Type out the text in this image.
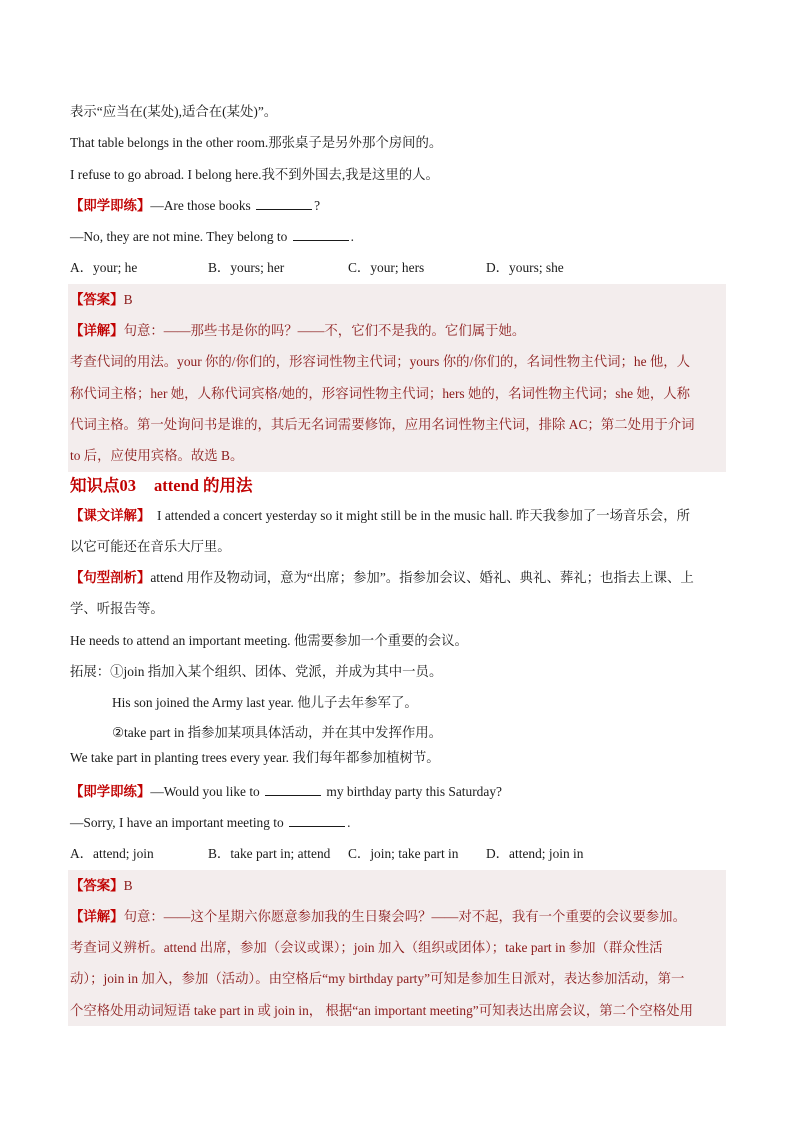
表示“应当在(某处),适合在(某处)”。
That table belongs in the other room.那张桌子是另外那个房间的。
I refuse to go abroad. I belong here.我不到外国去,我是这里的人。
【即学即练】—Are those books	?
—No, they are not mine. They belong to	.
A．your; he	B．yours; her	C．your; hers	D．yours; she
【答案】B
【详解】句意：——那些书是你的吗？——不，它们不是我的。它们属于她。
考查代词的用法。your 你的/你们的，形容词性物主代词；yours 你的/你们的，名词性物主代词；he 他，人
称代词主格；her 她，人称代词宾格/她的，形容词性物主代词；hers 她的，名词性物主代词；she 她，人称
代词主格。第一处询问书是谁的，其后无名词需要修饰，应用名词性物主代词，排除 AC；第二处用于介词
to 后，应使用宾格。故选 B。
知识点03 attend 的用法
【课文详解】 I attended a concert yesterday so it might still be in the music hall. 昨天我参加了一场音乐会，所
以它可能还在音乐大厅里。
【句型剖析】attend 用作及物动词，意为“出席；参加”。指参加会议、婚礼、典礼、葬礼；也指去上课、上
学、听报告等。
He needs to attend an important meeting. 他需要参加一个重要的会议。
拓展：①join 指加入某个组织、团体、党派，并成为其中一员。
His son joined the Army last year. 他儿子去年参军了。
②take part in 指参加某项具体活动，并在其中发挥作用。
We take part in planting trees every year. 我们每年都参加植树节。
【即学即练】—Would you like to	my birthday party this Saturday?
—Sorry, I have an important meeting to	.
A．attend; join	B．take part in; attend C．join; take part in D．attend; join in
【答案】B
【详解】句意：——这个星期六你愿意参加我的生日聚会吗？——对不起，我有一个重要的会议要参加。
考查词义辨析。attend 出席，参加（会议或课）；join 加入（组织或团体）；take part in 参加（群众性活
动）；join in 加入，参加（活动）。由空格后“my birthday party”可知是参加生日派对，表达参加活动，第一
个空格处用动词短语 take part in 或 join in， 根据“an important meeting”可知表达出席会议，第二个空格处用
